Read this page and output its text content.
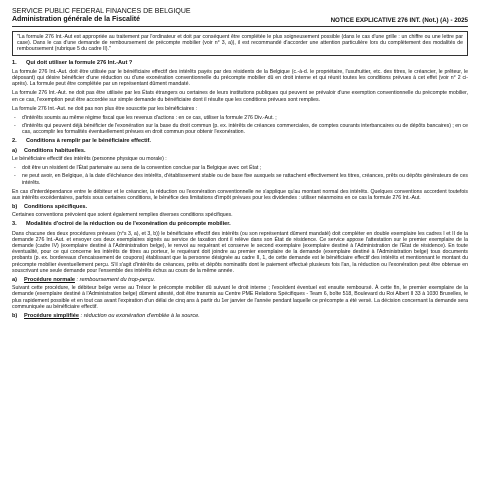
SERVICE PUBLIC FÉDÉRAL FINANCES DE BELGIQUE
Administration générale de la Fiscalité	NOTICE EXPLICATIVE 276 INT. (Not.) (A) - 2025
"La formule 276 Int.-Aut est appropriée au traitement par l'ordinateur et doit par conséquent être complétée le plus soigneusement possible (dans le cas d'une grille : un chiffre ou une lettre par case). Dans le cas d'une demande de remboursement de précompte mobilier (voir n° 3, a)), il est recommandé d'accorder une attention particulière lors du complètement des modalités de remboursement (rubrique 5 du cadre II)."
1. Qui doit utiliser la formule 276 Int.-Aut ?

La formule 276 Int.-Aut. doit être utilisée par le bénéficiaire effectif des intérêts payés par des résidents de la Belgique (c.-à-d. le propriétaire, l'usufruitier, etc. des titres, le créancier, le prêteur, le déposant) qui désire bénéficier d'une réduction ou d'une exonération conventionnelle du précompte mobilier dû en droit interne et qui réunit toutes les conditions prévues à cet effet (voir n° 2 ci-après). La formule peut être complétée par un représentant dûment mandaté.

La formule 276 Int.-Aut. ne doit pas être utilisée par les États étrangers ou certaines de leurs institutions publiques qui peuvent se prévaloir d'une exemption conventionnelle du précompte mobilier, en ce cas, l'exemption peut être accordée sur simple demande du bénéficiaire dont il résulte que les conditions prévues sont remplies.

La formule 276 Int.-Aut. ne doit pas non plus être souscrite par les bénéficiaires :

- d'intérêts soumis au même régime fiscal que les revenus d'actions : en ce cas, utiliser la formule 276 Div.-Aut. ;
- d'intérêts qui peuvent déjà bénéficier de l'exonération sur la base du droit commun (p. ex. intérêts de créances commerciales, de comptes courants interbancaires ou de dépôts bancaires) ; en ce cas, accomplir les formalités éventuellement prévues en droit commun pour obtenir l'exonération.
2. Conditions à remplir par le bénéficiaire effectif.
a) Conditions habituelles.

Le bénéficiaire effectif des intérêts (personne physique ou morale) :

- doit être un résident de l'État partenaire au sens de la convention conclue par la Belgique avec cet État ;
- ne peut avoir, en Belgique, à la date d'échéance des intérêts, d'établissement stable ou de base fixe auxquels se rattachent effectivement les titres, créances, prêts ou dépôts générateurs de ces intérêts.

En cas d'interdépendance entre le débiteur et le créancier, la réduction ou l'exonération conventionnelle ne s'applique qu'au montant normal des intérêts. Quelques conventions accordent toutefois aux intérêts excédentaires, parfois sous certaines conditions, le bénéfice des limitations d'impôt prévues pour les dividendes : utiliser néanmoins en ce cas la formule 276 Int.-Aut.

b) Conditions spécifiques.

Certaines conventions prévoient que soient également remplies diverses conditions spécifiques.

3. Modalités d'octroi de la réduction ou de l'exonération du précompte mobilier.

Dans chacune des deux procédures prévues (n°s 3, a), et 3, b)) le bénéficiaire effectif des intérêts (ou son représentant dûment mandaté) doit compléter en double exemplaire les cadres I et II de la demande 276 Int.-Aut. et envoyer ces deux exemplaires signés au service de taxation dont il relève dans son État de résidence. Ce service appose l'attestation sur le premier exemplaire de la demande (cadre IV) (exemplaire destiné à l'Administration belge), le renvoi au requérant et conserve le second exemplaire (exemplaire destiné à l'Administration de l'État de résidence). En toute éventualité, pour ce qui concerne les intérêts de titres au porteur, le requérant doit joindre au premier exemplaire de la demande (exemplaire destiné à l'Administration belge) tous documents probants (p. ex. bordereaux d'encaissement de coupons) établissant que la personne désignée au cadre II, 1, de cette demande est le bénéficiaire effectif des intérêts et mentionnant le montant du précompte mobilier éventuellement perçu. S'il s'agit d'intérêts de créances, prêts et dépôts nominatifs dont le paiement effectué plusieurs fois l'an, la réduction ou l'exonération peut être obtenue en souscrivant une seule demande pour l'ensemble des intérêts échus au cours de la même année.

a) Procédure normale : remboursement du trop-perçu.

Suivant cette procédure, le débiteur belge verse au Trésor le précompte mobilier dû suivant le droit interne ; l'excédent éventuel est ensuite remboursé. À cette fin, le premier exemplaire de la demande (exemplaire destiné à l'Administration belge) dûment attesté, doit être transmis au Centre PME Relations Spécifiques - Team 6, boîte 518, Boulevard du Roi Albert II 33 à 1030 Bruxelles, le plus rapidement possible et en tout cas avant l'expiration d'un délai de cinq ans à partir du 1er janvier de l'année pendant laquelle ce précompte a été versé. La décision concernant la demande sera communiquée au bénéficiaire effectif.

b) Procédure simplifiée : réduction ou exonération d'emblée à la source.
